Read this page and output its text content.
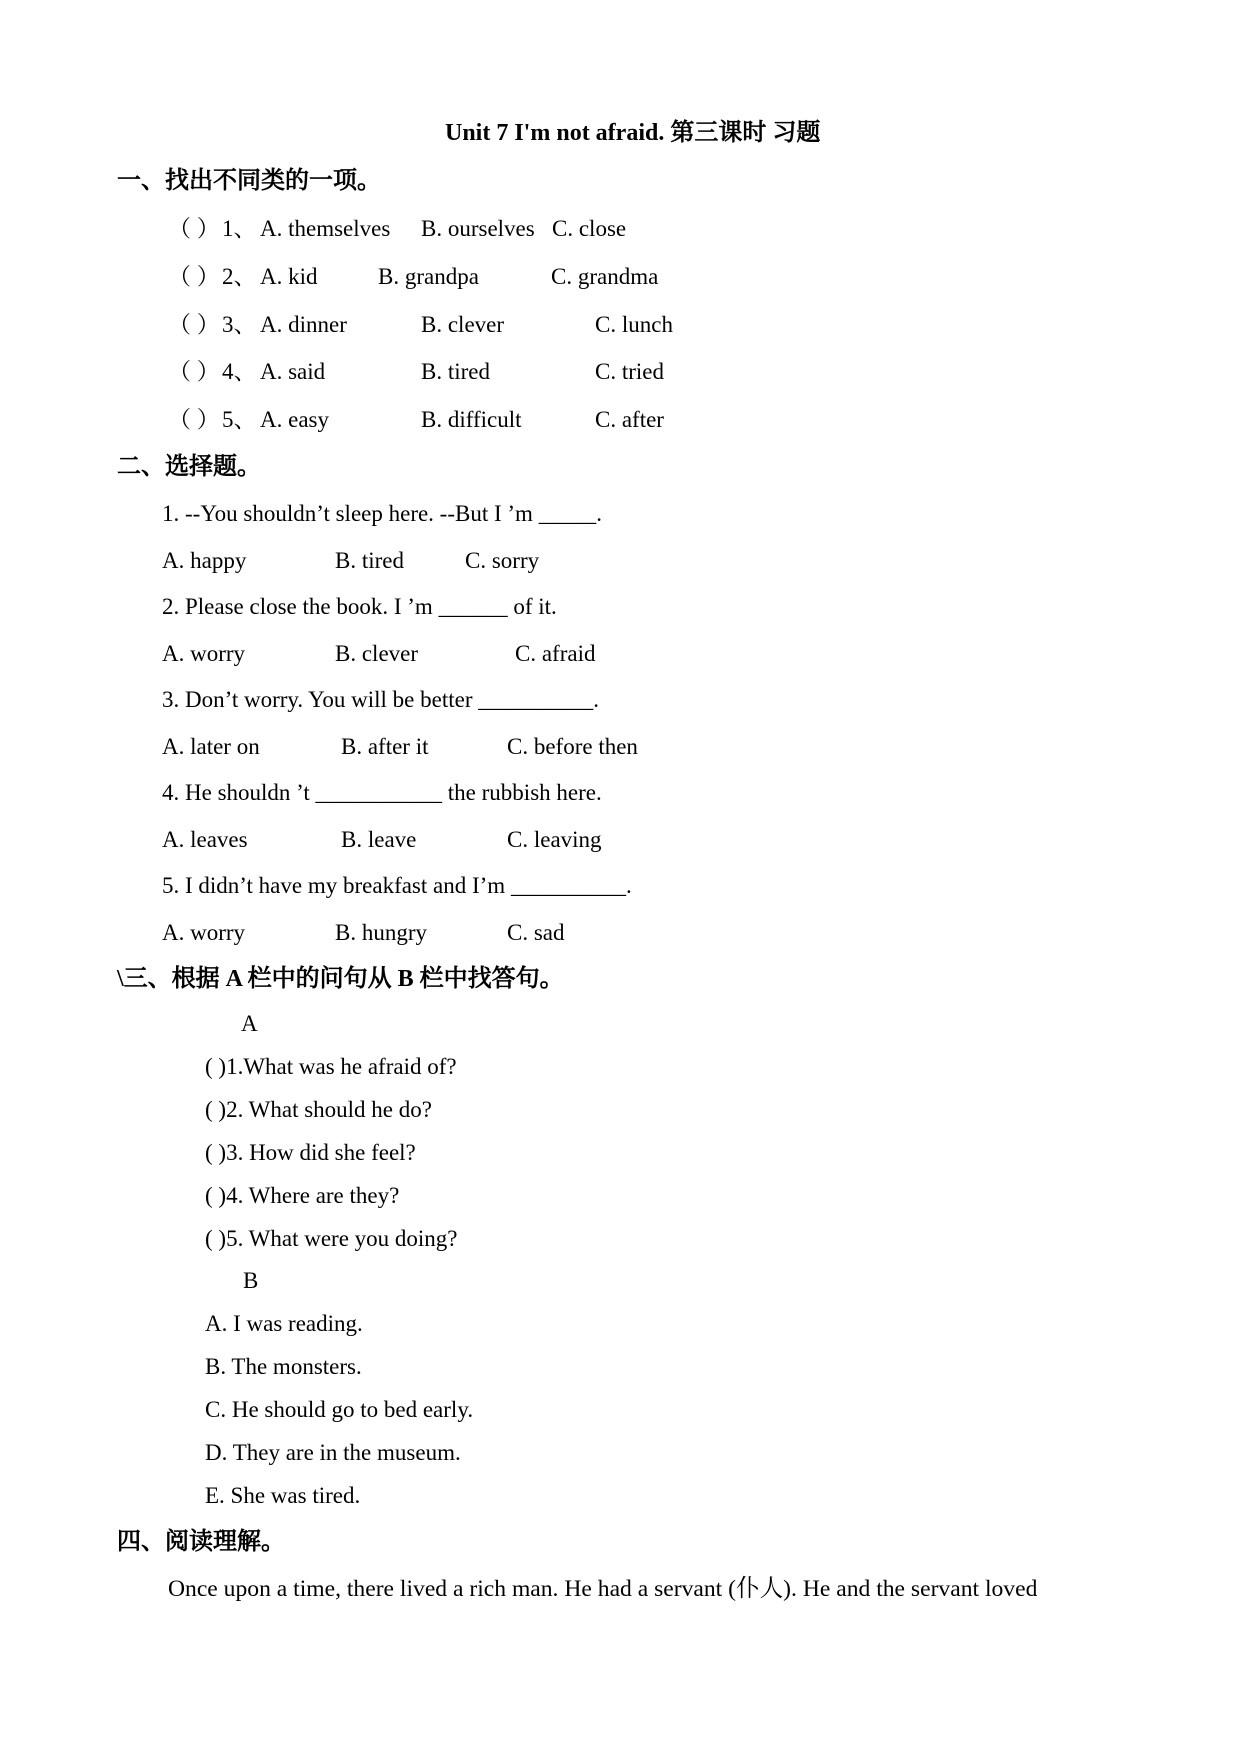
Unit 7 I'm not afraid. 第三课时 习题
一、找出不同类的一项。
（ ） 1、 A. themselves B. ourselves C. close
（ ） 2、 A. kid	B. grandpa	C. grandma
（ ） 3、 A. dinner	B. clever	C. lunch
（ ） 4、 A. said	B. tired	C. tried
（ ） 5、 A. easy	B. difficult	C. after
二、选择题。
1. --You shouldn’t sleep here. --But I ’m _____.
A. happy	B. tired	C. sorry
2. Please close the book. I ’m ______ of it.
A. worry	B. clever	C. afraid
3. Don’t worry. You will be better __________.
A. later on	B. after it	C. before then
4. He shouldn ’t ___________ the rubbish here.
A. leaves	B. leave	C. leaving
5. I didn’t have my breakfast and I’m __________.
A. worry	B. hungry	C. sad
\三、根据 A 栏中的问句从 B 栏中找答句。
A
( )1.What was he afraid of?
( )2. What should he do?
( )3. How did she feel?
( )4. Where are they?
( )5. What were you doing?
B
A. I was reading.
B. The monsters.
C. He should go to bed early.
D. They are in the museum.
E. She was tired.
四、阅读理解。
Once upon a time, there lived a rich man. He had a servant (仆人). He and the servant loved
